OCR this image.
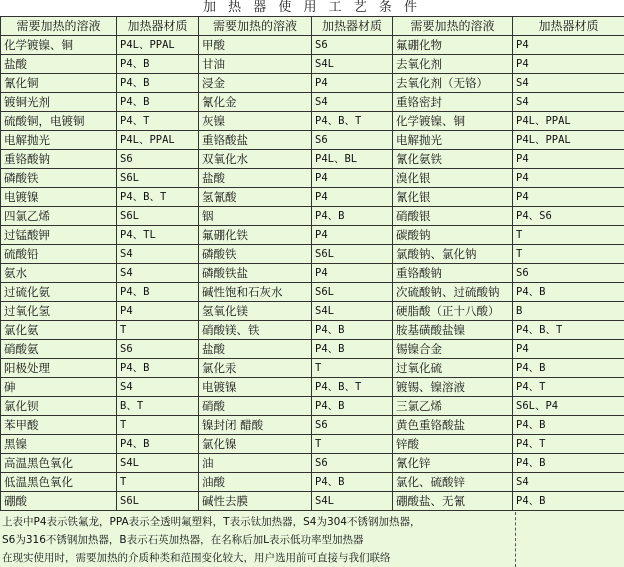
加 热 器 使 用 工 艺 条 件
需要加热的溶液	加热器材质	需要加热的溶液	加热器材质	需要加热的溶液	加热器材质
化学镀镍、铜	P4L、PPAL	甲酸	S6	氟硼化物	P4
盐酸	P4、B	甘油	S4L	去氧化剂	P4
氰化铜	P4、B	浸金	P4	去氧化剂（无铬）	S4
镀铜光剂	P4、B	氰化金	S4	重铬密封	S4
硫酸铜，电镀铜	P4、T	灰镍	P4、B、T	化学镀镍、铜	P4L、PPAL
电解抛光	P4L、PPAL	重铬酸盐	S6	电解抛光	P4L、PPAL
重铬酸钠	S6	双氧化水	P4L、BL	氰化氨铁	P4
磷酸铁	S6L	盐酸	P4	溴化银	P4
电镀镍	P4、B、T	氢氰酸	P4	氰化银	P4
四氯乙烯	S6L	铟	P4、B	硝酸银	P4、S6
过锰酸钾	P4、TL	氟硼化铁	P4	碳酸钠	T
硫酸铅	S4	磷酸铁	S6L	氯酸钠、氯化钠	T
氨水	S4	磷酸铁盐	P4	重铬酸钠	S6
过硫化氨	P4、B	碱性饱和石灰水	S6L	次硫酸钠、过硫酸钠	P4、B
过氧化氢	P4	氢氧化镁	S4L	硬脂酸（正十八酸）	B
氯化氨	T	硝酸镁、铁	P4、B	胺基磺酸盐镍	P4、B、T
硝酸氨	S6	盐酸	P4、B	锡镍合金	P4
阳极处理	P4、B	氯化汞	T	过氧化硫	P4、B
砷	S4	电镀镍	P4、B、T	镀锡、镍溶液	P4、T
氯化钡	B、T	硝酸	P4、B	三氯乙烯	S6L、P4
苯甲酸	T	镍封闭 醋酸	S6	黄色重铬酸盐	P4、B
黑镍	P4、B	氯化镍	T	锌酸	P4、T
高温黑色氧化	S4L	油	S6	氰化锌	P4、B
低温黑色氧化	T	油酸	P4、B	氯化、硫酸锌	S4
硼酸	S6L	碱性去膜	S4L	硼酸盐、无氰	P4、B
上表中P4表示铁氟龙，PPA表示全透明氟塑料，T表示钛加热器，S4为304不锈钢加热器，
S6为316不锈钢加热器，B表示石英加热器，在名称后加L表示低功率型加热器
在现实使用时，需要加热的介质种类和范围变化较大，用户选用前可直接与我们联络
